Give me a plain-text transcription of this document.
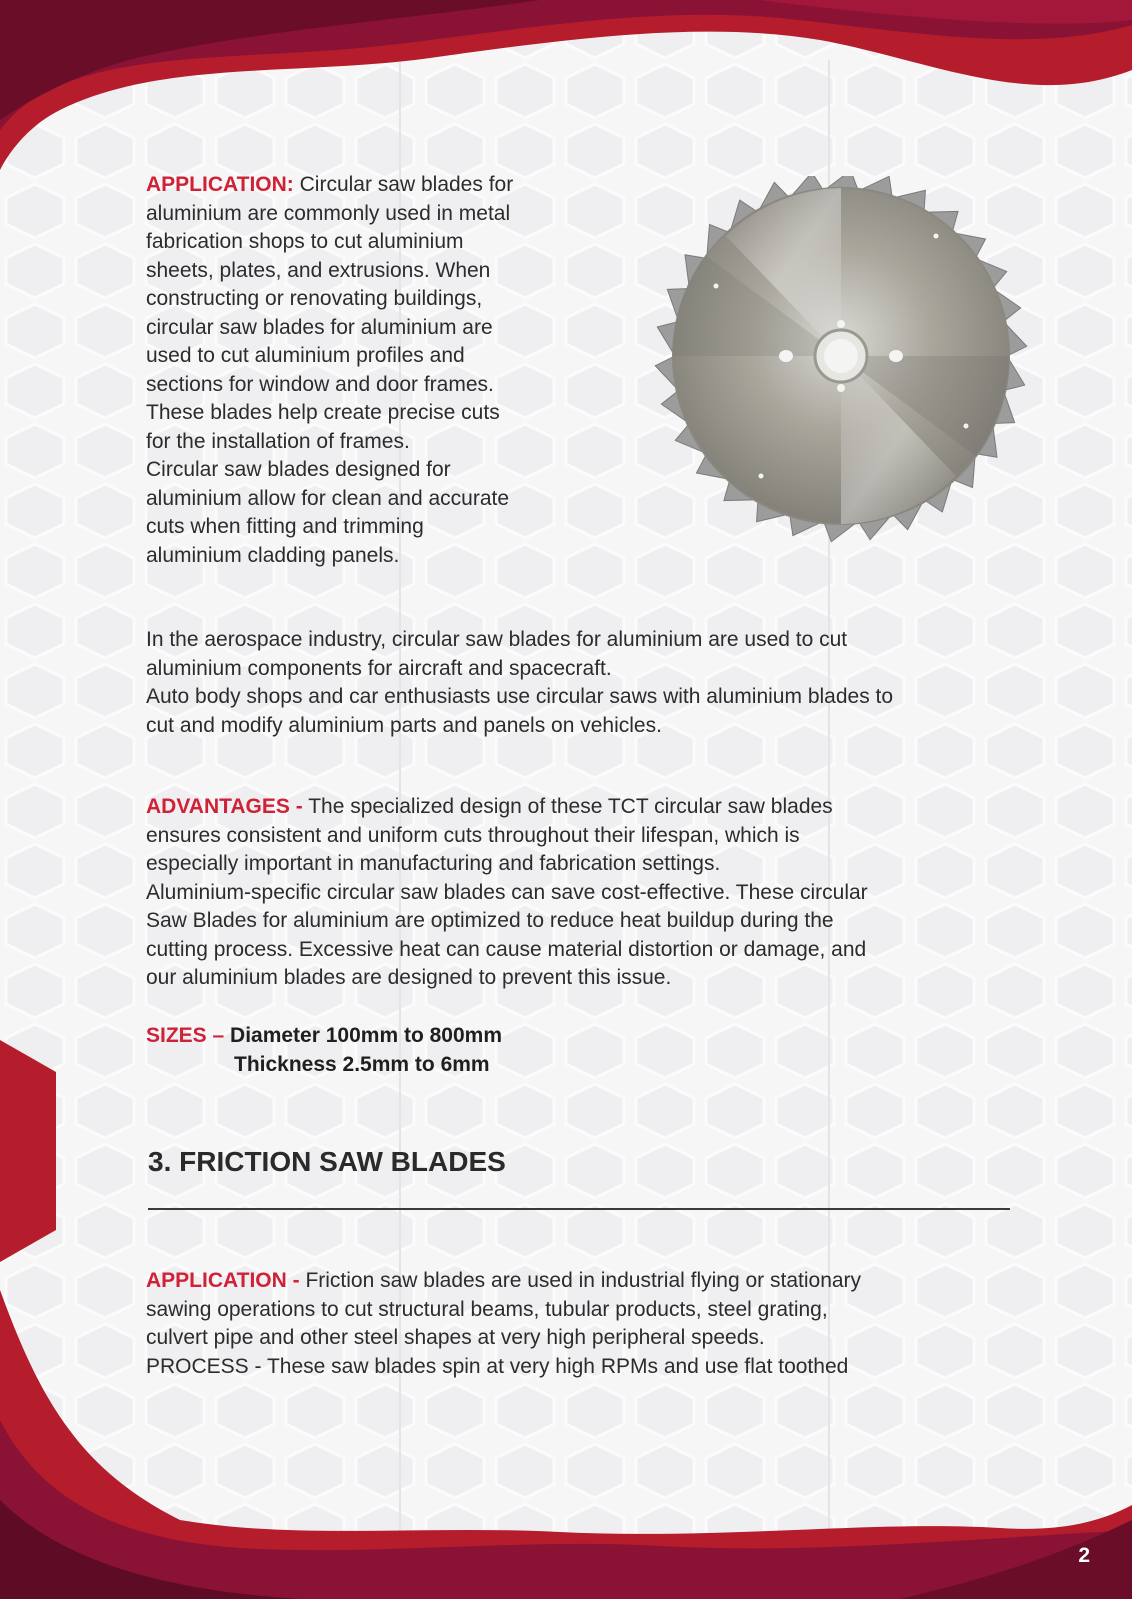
APPLICATION: Circular saw blades for
aluminium are commonly used in metal
fabrication shops to cut aluminium
sheets, plates, and extrusions. When
constructing or renovating buildings,
circular saw blades for aluminium are
used to cut aluminium profiles and
sections for window and door frames.
These blades help create precise cuts
for the installation of frames.
Circular saw blades designed for
aluminium allow for clean and accurate
cuts when fitting and trimming
aluminium cladding panels.
In the aerospace industry, circular saw blades for aluminium are used to cut
aluminium components for aircraft and spacecraft.
Auto body shops and car enthusiasts use circular saws with aluminium blades to
cut and modify aluminium parts and panels on vehicles.
ADVANTAGES - The specialized design of these TCT circular saw blades
ensures consistent and uniform cuts throughout their lifespan, which is
especially important in manufacturing and fabrication settings.
Aluminium-specific circular saw blades can save cost-effective. These circular
Saw Blades for aluminium are optimized to reduce heat buildup during the
cutting process. Excessive heat can cause material distortion or damage, and
our aluminium blades are designed to prevent this issue.
SIZES – Diameter 100mm to 800mm
Thickness 2.5mm to 6mm
3. FRICTION SAW BLADES
APPLICATION - Friction saw blades are used in industrial flying or stationary
sawing operations to cut structural beams, tubular products, steel grating,
culvert pipe and other steel shapes at very high peripheral speeds.
PROCESS - These saw blades spin at very high RPMs and use flat toothed
2
